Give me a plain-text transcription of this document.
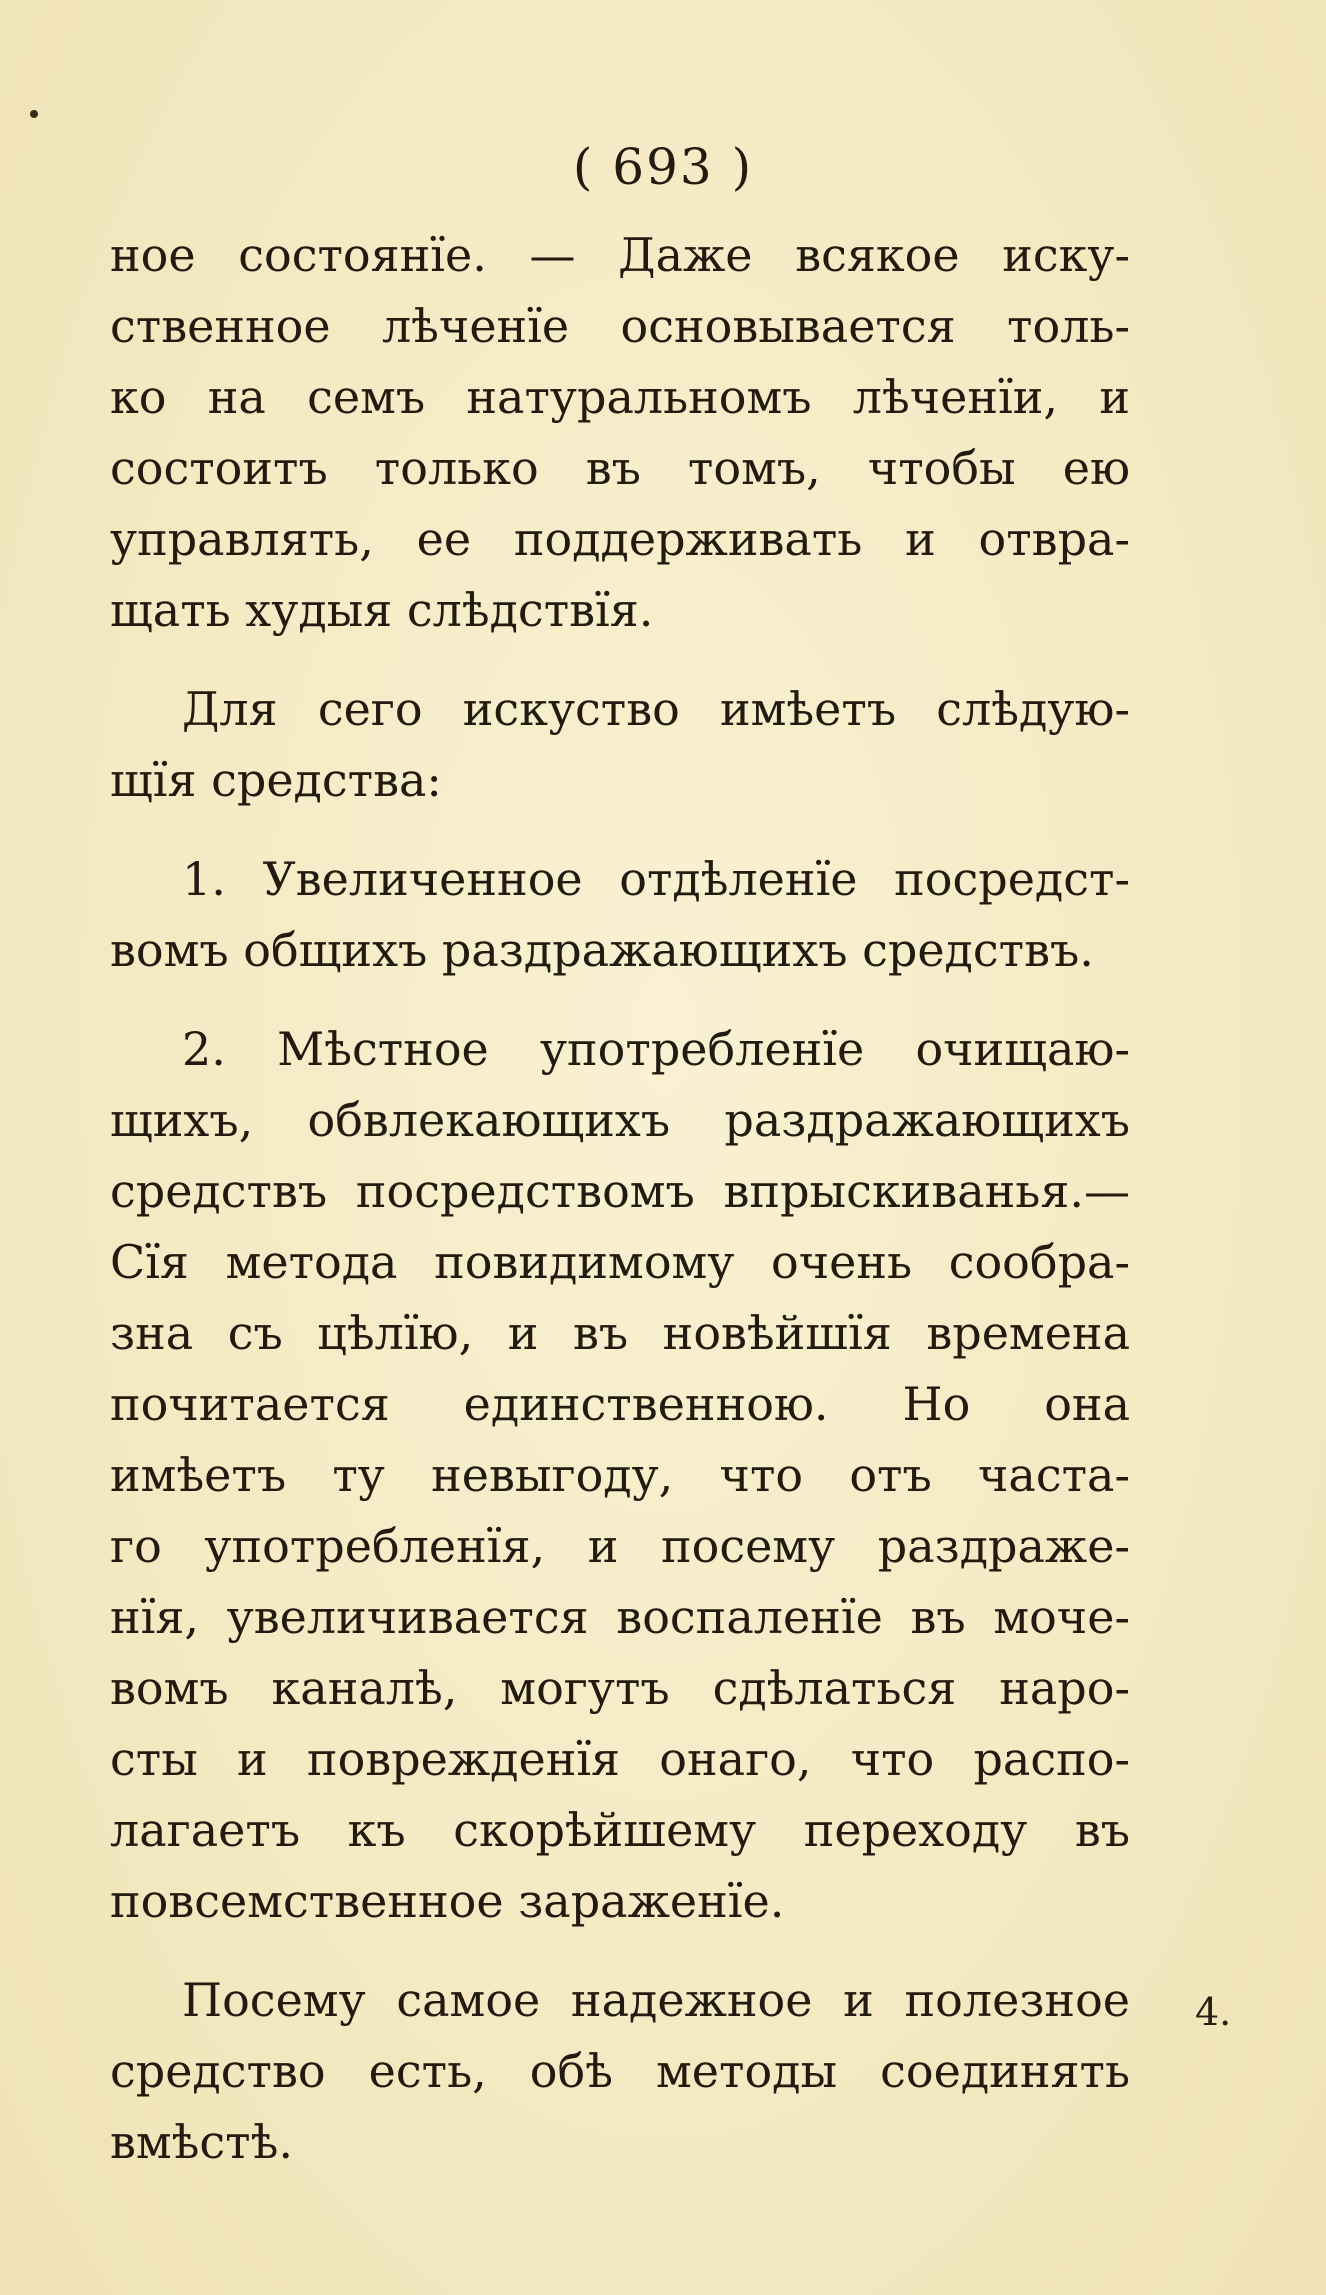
( 693 )
ное состоянїе. — Даже всякое иску-
ственное лѣченїе основывается толь-
ко на семъ натуральномъ лѣченїи, и
состоитъ только въ томъ, чтобы ею
управлять, ее поддерживать и отвра-
щать худыя слѣдствїя.
Для сего искуство имѣетъ слѣдую-
щїя средства:
1. Увеличенное отдѣленїе посредст-
вомъ общихъ раздражающихъ средствъ.
2. Мѣстное употребленїе очищаю-
щихъ, обвлекающихъ раздражающихъ
средствъ посредствомъ впрыскиванья.—
Сїя метода повидимому очень сообра-
зна съ цѣлїю, и въ новѣйшїя времена
почитается единственною. Но она
имѣетъ ту невыгоду, что отъ часта-
го употребленїя, и посему раздраже-
нїя, увеличивается воспаленїе въ моче-
вомъ каналѣ, могутъ сдѣлаться наро-
сты и поврежденїя онаго, что распо-
лагаетъ къ скорѣйшему переходу въ
повсемственное зараженїе.
Посему самое надежное и полезное
средство есть, обѣ методы соединять
вмѣстѣ.
4.
